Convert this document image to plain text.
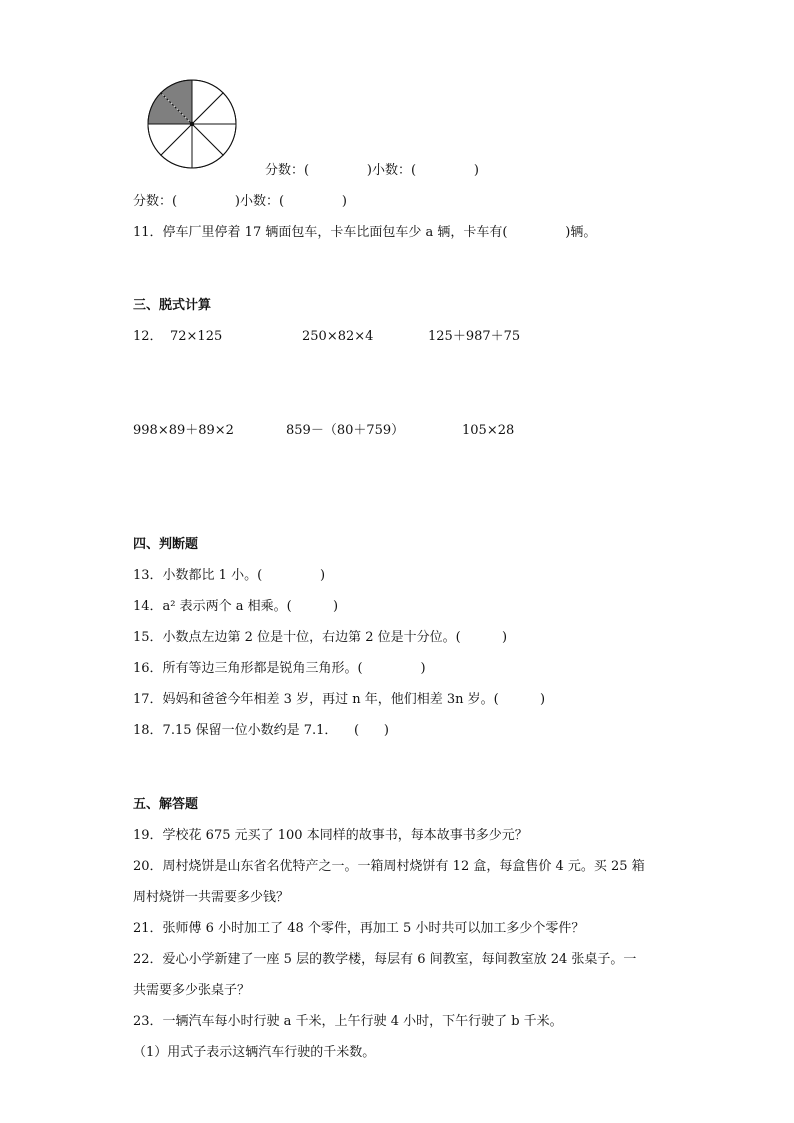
分数：(              )小数：(              )
分数：(              )小数：(              )
11．停车厂里停着 17 辆面包车，卡车比面包车少 a 辆，卡车有(              )辆。
三、脱式计算
12． 72×125	250×82×4	125＋987＋75
998×89＋89×2	859－（80＋759）	105×28
四、判断题
13．小数都比 1 小。(              )
14．a² 表示两个 a 相乘。(          )
15．小数点左边第 2 位是十位，右边第 2 位是十分位。(          )
16．所有等边三角形都是锐角三角形。(              )
17．妈妈和爸爸今年相差 3 岁，再过 n 年，他们相差 3n 岁。(          )
18．7.15 保留一位小数约是 7.1．    (      )
五、解答题
19．学校花 675 元买了 100 本同样的故事书，每本故事书多少元？
20．周村烧饼是山东省名优特产之一。一箱周村烧饼有 12 盒，每盒售价 4 元。买 25 箱
周村烧饼一共需要多少钱？
21．张师傅 6 小时加工了 48 个零件，再加工 5 小时共可以加工多少个零件？
22．爱心小学新建了一座 5 层的教学楼，每层有 6 间教室，每间教室放 24 张桌子。一
共需要多少张桌子？
23．一辆汽车每小时行驶 a 千米，上午行驶 4 小时，下午行驶了 b 千米。
（1）用式子表示这辆汽车行驶的千米数。
